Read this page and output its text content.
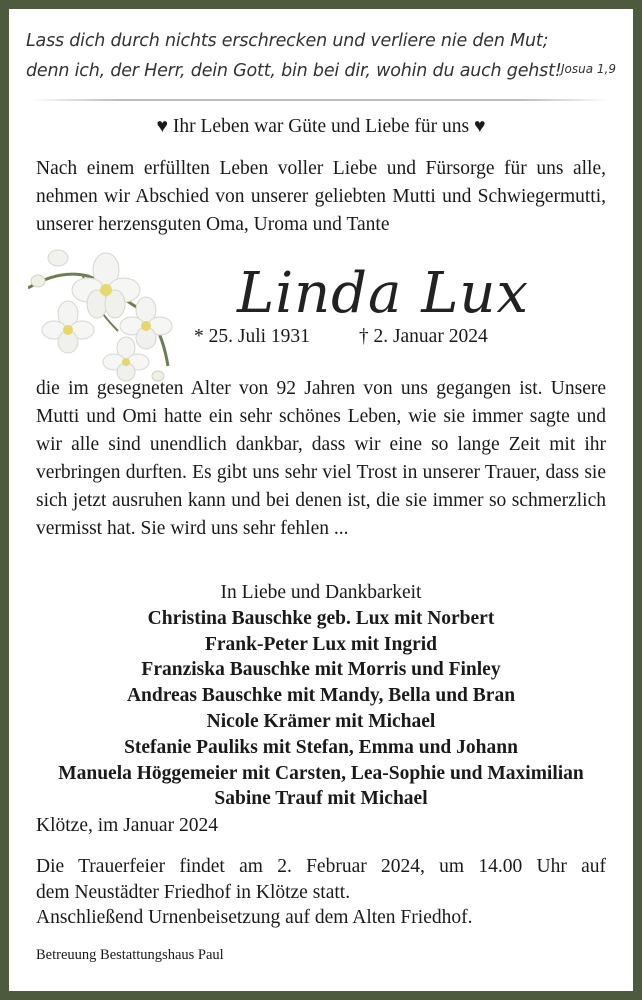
Lass dich durch nichts erschrecken und verliere nie den Mut;
denn ich, der Herr, dein Gott, bin bei dir, wohin du auch gehst! Josua 1,9
♥ Ihr Leben war Güte und Liebe für uns ♥
Nach einem erfüllten Leben voller Liebe und Fürsorge für uns alle, nehmen wir Abschied von unserer geliebten Mutti und Schwiegermutti, unserer herzensguten Oma, Uroma und Tante
Linda Lux
* 25. Juli 1931	† 2. Januar 2024
die im gesegneten Alter von 92 Jahren von uns gegangen ist. Unsere Mutti und Omi hatte ein sehr schönes Leben, wie sie immer sagte und wir alle sind unendlich dankbar, dass wir eine so lange Zeit mit ihr verbringen durften. Es gibt uns sehr viel Trost in unserer Trauer, dass sie sich jetzt ausruhen kann und bei denen ist, die sie immer so schmerzlich vermisst hat. Sie wird uns sehr fehlen ...
In Liebe und Dankbarkeit
Christina Bauschke geb. Lux mit Norbert
Frank-Peter Lux mit Ingrid
Franziska Bauschke mit Morris und Finley
Andreas Bauschke mit Mandy, Bella und Bran
Nicole Krämer mit Michael
Stefanie Pauliks mit Stefan, Emma und Johann
Manuela Höggemeier mit Carsten, Lea-Sophie und Maximilian
Sabine Trauf mit Michael
Klötze, im Januar 2024
Die Trauerfeier findet am 2. Februar 2024, um 14.00 Uhr auf
dem Neustädter Friedhof in Klötze statt.
Anschließend Urnenbeisetzung auf dem Alten Friedhof.
Betreuung Bestattungshaus Paul
